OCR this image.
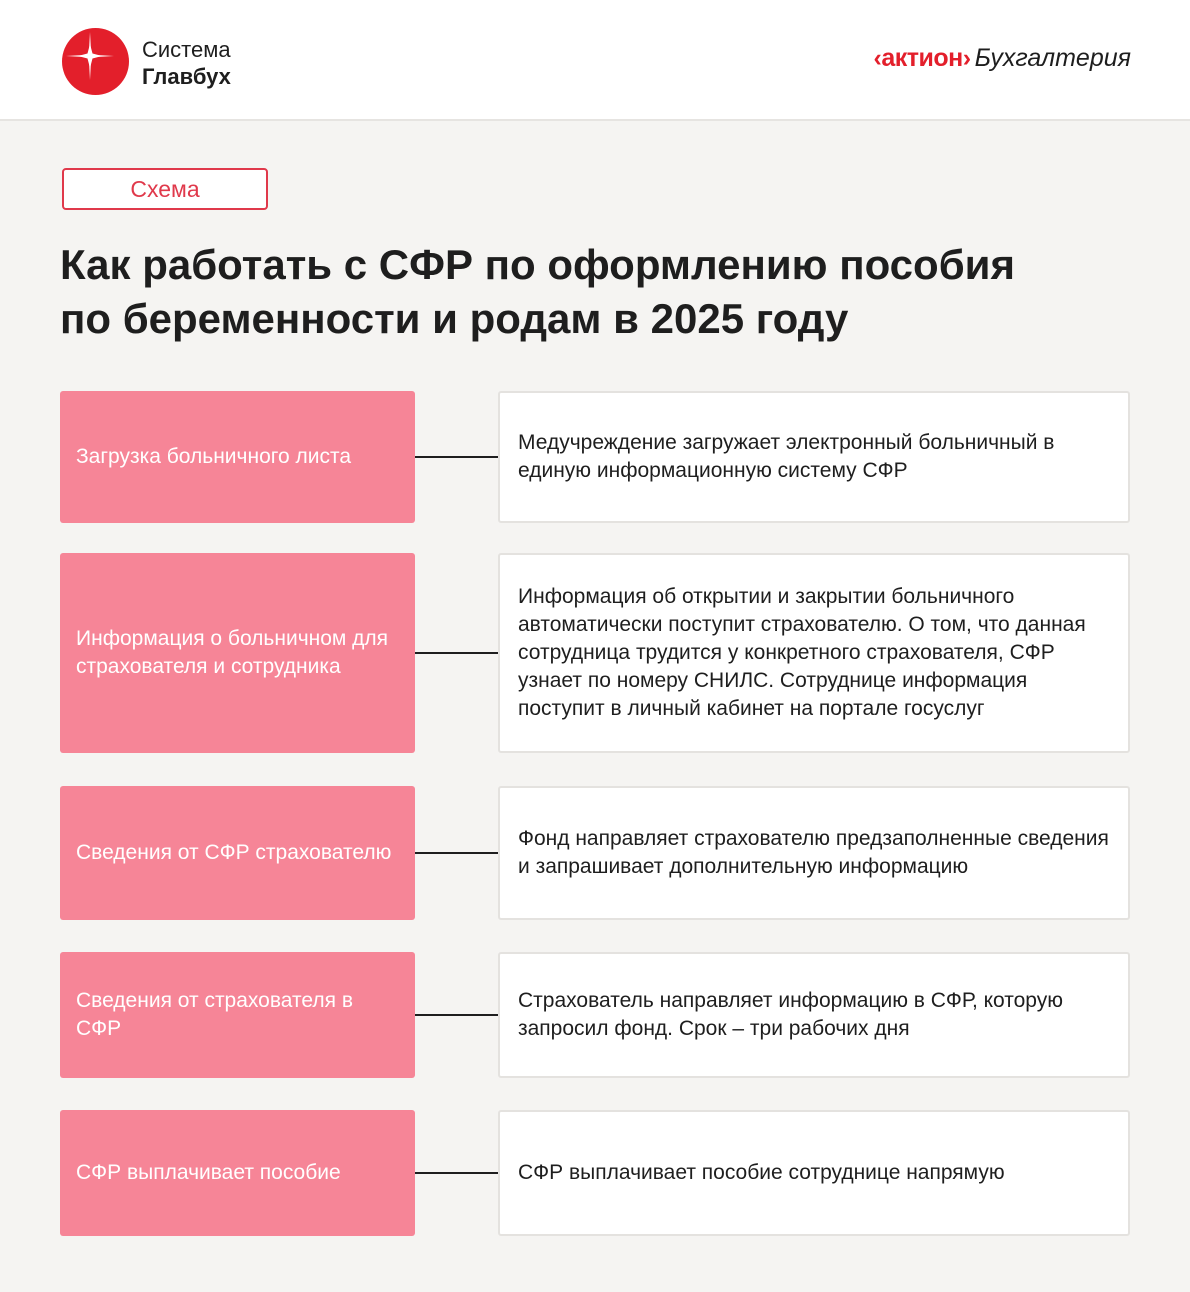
Система
Главбух
‹актион› Бухгалтерия
Схема
Как работать с СФР по оформлению пособия
по беременности и родам в 2025 году
Загрузка больничного листа
Медучреждение загружает электронный больничный в единую информационную систему СФР
Информация о больничном для страхователя и сотрудника
Информация об открытии и закрытии больничного автоматически поступит страхователю. О том, что данная сотрудница трудится у конкретного страхователя, СФР узнает по номеру СНИЛС. Сотруднице информация поступит в личный кабинет на портале госуслуг
Сведения от СФР страхователю
Фонд направляет страхователю предзаполненные сведения и запрашивает дополнительную информацию
Сведения от страхователя в СФР
Страхователь направляет информацию в СФР, которую запросил фонд. Срок – три рабочих дня
СФР выплачивает пособие	СФР выплачивает пособие сотруднице напрямую
